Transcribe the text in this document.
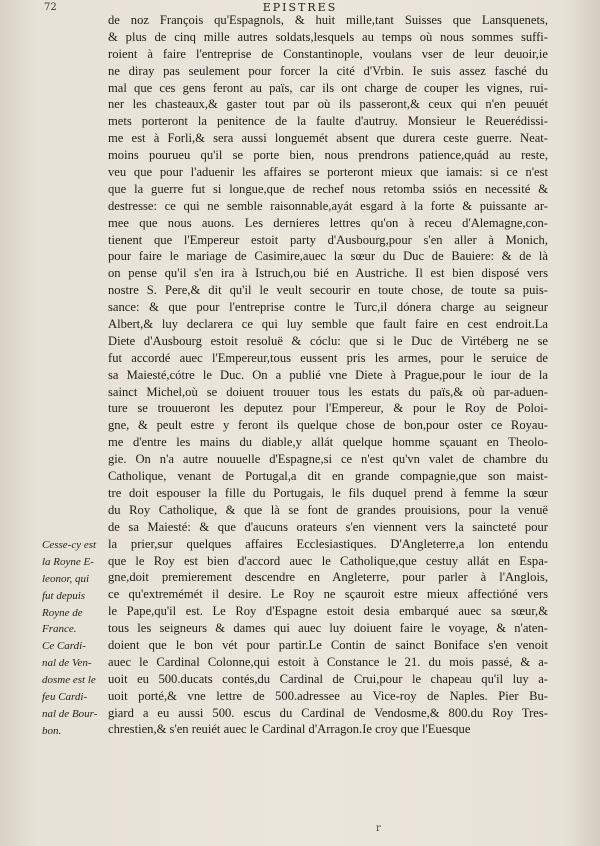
72	EPISTRES
de noz François qu'Espagnols, & huit mille,tant Suisses que Lansquenets,
& plus de cinq mille autres soldats,lesquels au temps où nous sommes suffi-
roient à faire l'entreprise de Constantinople, voulans vser de leur deuoir,ie
ne diray pas seulement pour forcer la cité d'Vrbin. Ie suis assez fasché du
mal que ces gens feront au païs, car ils ont charge de couper les vignes, rui-
ner les chasteaux,& gaster tout par où ils passeront,& ceux qui n'en peuuét
mets porteront la penitence de la faulte d'autruy. Monsieur le Reuerédissi-
me est à Forli,& sera aussi longuemét absent que durera ceste guerre. Neat-
moins pourueu qu'il se porte bien, nous prendrons patience,quád au reste,
veu que pour l'aduenir les affaires se porteront mieux que iamais: si ce n'est
que la guerre fut si longue,que de rechef nous retomba ssiós en necessité &
destresse: ce qui ne semble raisonnable,ayát esgard à la forte & puissante ar-
mee que nous auons. Les dernieres lettres qu'on à receu d'Alemagne,con-
tienent que l'Empereur estoit party d'Ausbourg,pour s'en aller à Monich,
pour faire le mariage de Casimire,auec la sœur du Duc de Bauiere: & de là
on pense qu'il s'en ira à Istruch,ou bié en Austriche. Il est bien disposé vers
nostre S. Pere,& dit qu'il le veult secourir en toute chose, de toute sa puis-
sance: & que pour l'entreprise contre le Turc,il dónera charge au seigneur
Albert,& luy declarera ce qui luy semble que fault faire en cest endroit.La
Diete d'Ausbourg estoit resoluë & cóclu: que si le Duc de Virtéberg ne se
fut accordé auec l'Empereur,tous eussent pris les armes, pour le seruice de
sa Maiesté,cótre le Duc. On a publié vne Diete à Prague,pour le iour de la
sainct Michel,où se doiuent trouuer tous les estats du païs,& où par-aduen-
ture se trouueront les deputez pour l'Empereur, & pour le Roy de Poloi-
gne, & peult estre y feront ils quelque chose de bon,pour oster ce Royau-
me d'entre les mains du diable,y allát quelque homme sçauant en Theolo-
gie. On n'a autre nouuelle d'Espagne,si ce n'est qu'vn valet de chambre du
Catholique, venant de Portugal,a dit en grande compagnie,que son maist-
tre doit espouser la fille du Portugais, le fils duquel prend à femme la sœur
du Roy Catholique, & que là se font de grandes prouisions, pour la venuë
de sa Maiesté: & que d'aucuns orateurs s'en viennent vers la saincteté pour
la prier,sur quelques affaires Ecclesiastiques. D'Angleterre,a lon entendu
que le Roy est bien d'accord auec le Catholique,que cestuy allát en Espa-
gne,doit premierement descendre en Angleterre, pour parler à l'Anglois,
ce qu'extremémét il desire. Le Roy ne sçauroit estre mieux affectióné vers
le Pape,qu'il est. Le Roy d'Espagne estoit desia embarqué auec sa sœur,&
tous les seigneurs & dames qui auec luy doiuent faire le voyage, & n'aten-
doient que le bon vét pour partir.Le Contin de sainct Boniface s'en venoit
auec le Cardinal Colonne,qui estoit à Constance le 21. du mois passé, & a-
uoit eu 500.ducats contés,du Cardinal de Crui,pour le chapeau qu'il luy a-
uoit porté,& vne lettre de 500.adressee au Vice-roy de Naples. Pier Bu-
giard a eu aussi 500. escus du Cardinal de Vendosme,& 800.du Roy Tres-
chrestien,& s'en reuiét auec le Cardinal d'Arragon.Ie croy que l'Euesque
Cesse-cy est
la Royne E-
leonor, qui
fut depuis
Royne de
France.
Ce Cardi-
nal de Ven-
dosme est le
feu Cardi-
nal de Bour-
bon.
r
